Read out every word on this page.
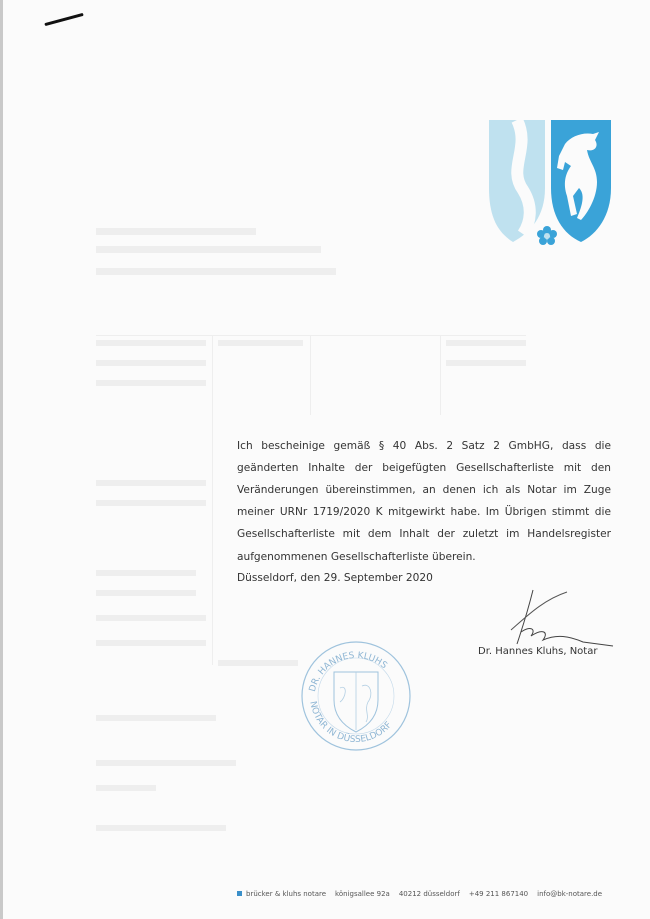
Ich bescheinige gemäß § 40 Abs. 2 Satz 2 GmbHG, dass die geänderten Inhalte der beigefügten Gesellschafterliste mit den Veränderungen übereinstimmen, an denen ich als Notar im Zuge meiner URNr 1719/2020 K mitgewirkt habe. Im Übrigen stimmt die Gesellschafterliste mit dem Inhalt der zuletzt im Handelsregister aufgenommenen Gesellschafterliste überein.

Düsseldorf, den 29. September 2020
Dr. Hannes Kluhs, Notar
DR. HANNES KLUHS
NOTAR IN DÜSSELDORF
brücker & kluhs notare königsallee 92a 40212 düsseldorf +49 211 867140 info@bk-notare.de
